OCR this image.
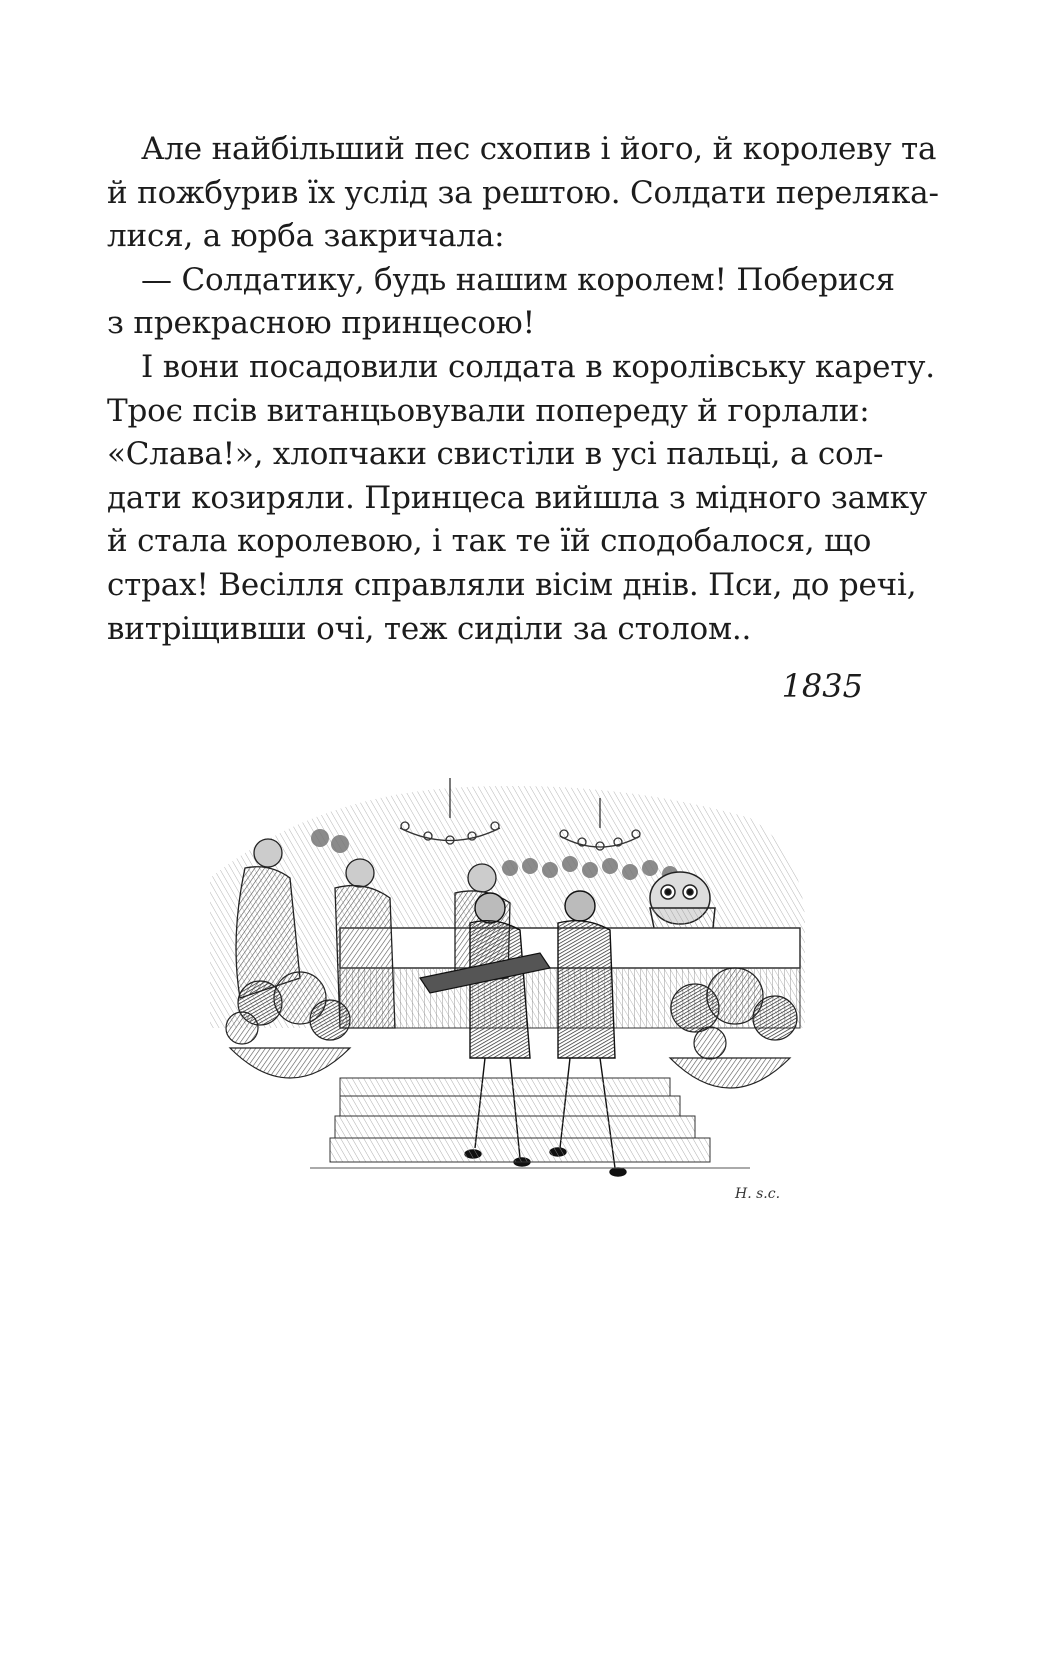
Але найбільший пес схопив і його, й королеву та
й пожбурив їх услід за рештою. Солдати переляка-
лися, а юрба закричала:

— Солдатику, будь нашим королем! Поберися
з прекрасною принцесою!

І вони посадовили солдата в королівську карету.
Троє псів витанцьовували попереду й горлали:
«Слава!», хлопчаки свистіли в усі пальці, а сол-
дати козиряли. Принцеса вийшла з мідного замку
й стала королевою, і так те їй сподобалося, що
страх! Весілля справляли вісім днів. Пси, до речі,
витріщивши очі, теж сиділи за столом..

1835
H. s.c.
